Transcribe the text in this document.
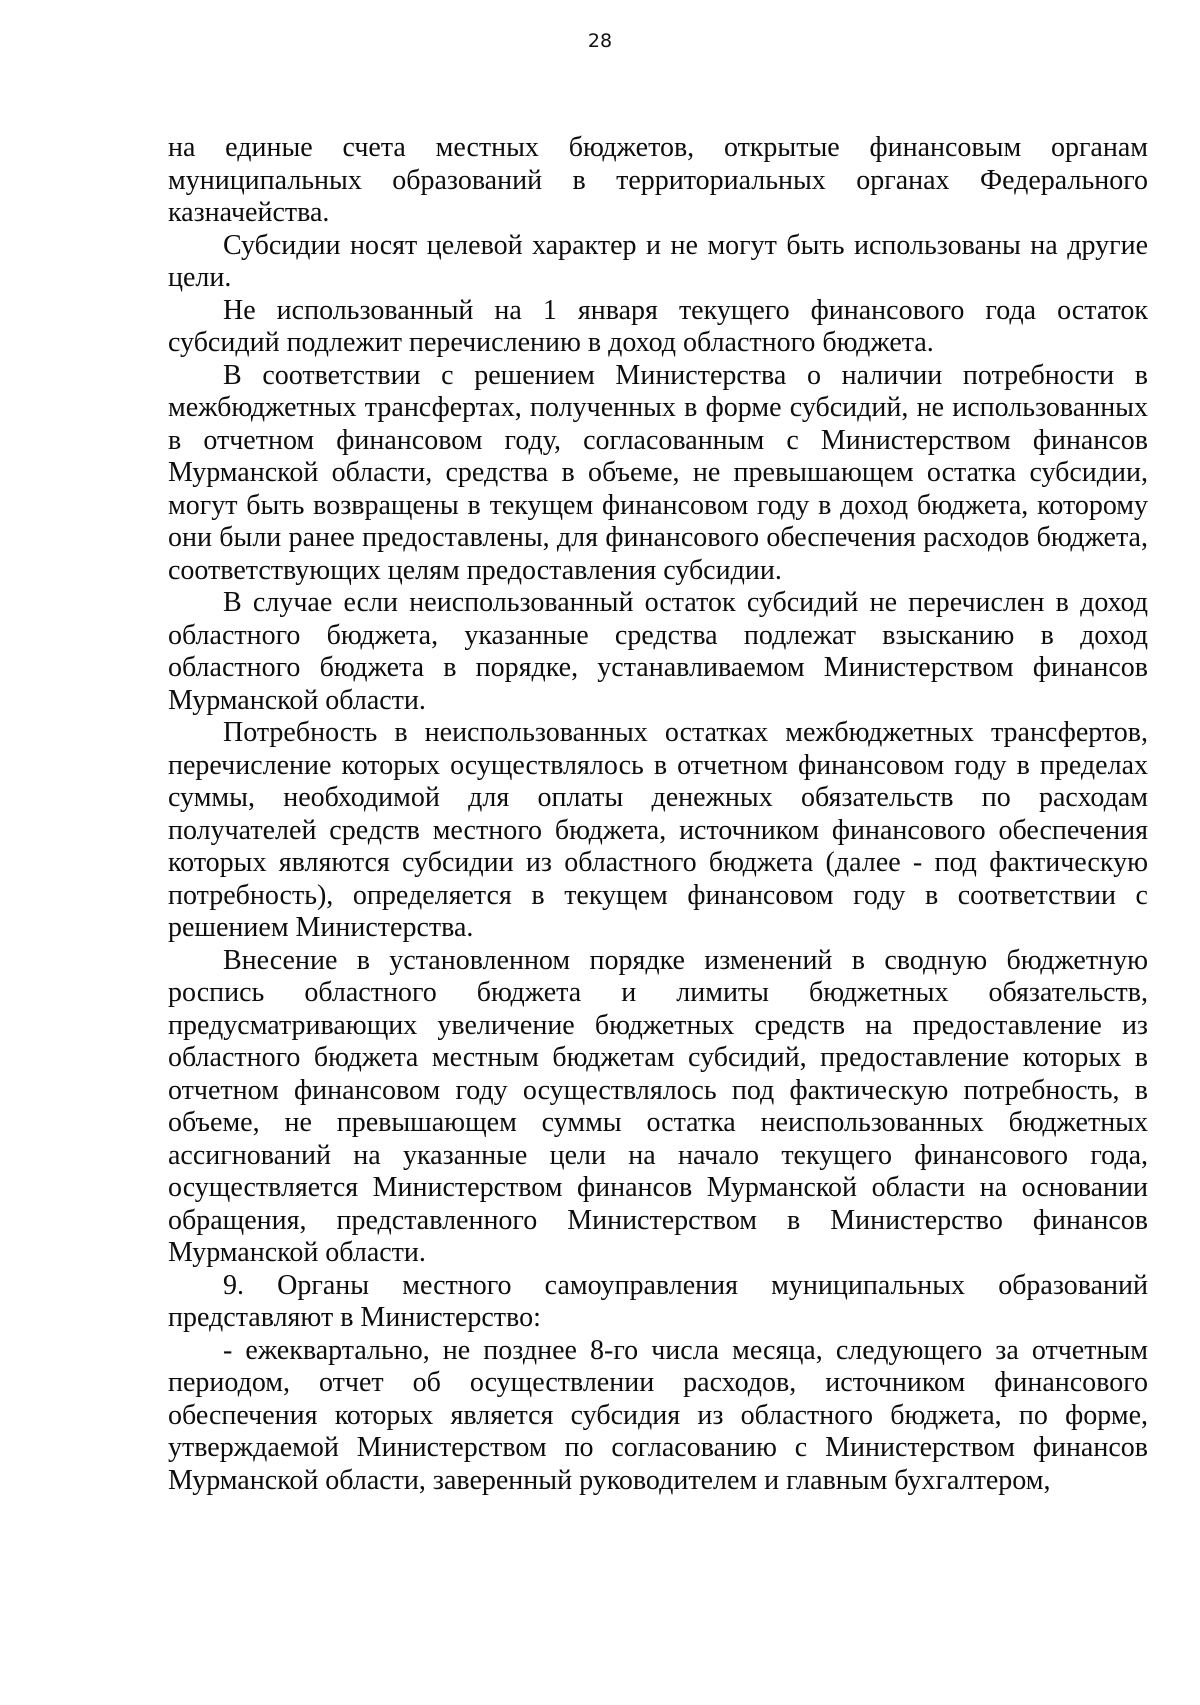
28

на единые счета местных бюджетов, открытые финансовым органам муниципальных образований в территориальных органах Федерального казначейства.

Субсидии носят целевой характер и не могут быть использованы на другие цели.

Не использованный на 1 января текущего финансового года остаток субсидий подлежит перечислению в доход областного бюджета.

В соответствии с решением Министерства о наличии потребности в межбюджетных трансфертах, полученных в форме субсидий, не использованных в отчетном финансовом году, согласованным с Министерством финансов Мурманской области, средства в объеме, не превышающем остатка субсидии, могут быть возвращены в текущем финансовом году в доход бюджета, которому они были ранее предоставлены, для финансового обеспечения расходов бюджета, соответствующих целям предоставления субсидии.

В случае если неиспользованный остаток субсидий не перечислен в доход областного бюджета, указанные средства подлежат взысканию в доход областного бюджета в порядке, устанавливаемом Министерством финансов Мурманской области.

Потребность в неиспользованных остатках межбюджетных трансфертов, перечисление которых осуществлялось в отчетном финансовом году в пределах суммы, необходимой для оплаты денежных обязательств по расходам получателей средств местного бюджета, источником финансового обеспечения которых являются субсидии из областного бюджета (далее - под фактическую потребность), определяется в текущем финансовом году в соответствии с решением Министерства.

Внесение в установленном порядке изменений в сводную бюджетную роспись областного бюджета и лимиты бюджетных обязательств, предусматривающих увеличение бюджетных средств на предоставление из областного бюджета местным бюджетам субсидий, предоставление которых в отчетном финансовом году осуществлялось под фактическую потребность, в объеме, не превышающем суммы остатка неиспользованных бюджетных ассигнований на указанные цели на начало текущего финансового года, осуществляется Министерством финансов Мурманской области на основании обращения, представленного Министерством в Министерство финансов Мурманской области.

9. Органы местного самоуправления муниципальных образований представляют в Министерство:

- ежеквартально, не позднее 8-го числа месяца, следующего за отчетным периодом, отчет об осуществлении расходов, источником финансового обеспечения которых является субсидия из областного бюджета, по форме, утверждаемой Министерством по согласованию с Министерством финансов Мурманской области, заверенный руководителем и главным бухгалтером,
